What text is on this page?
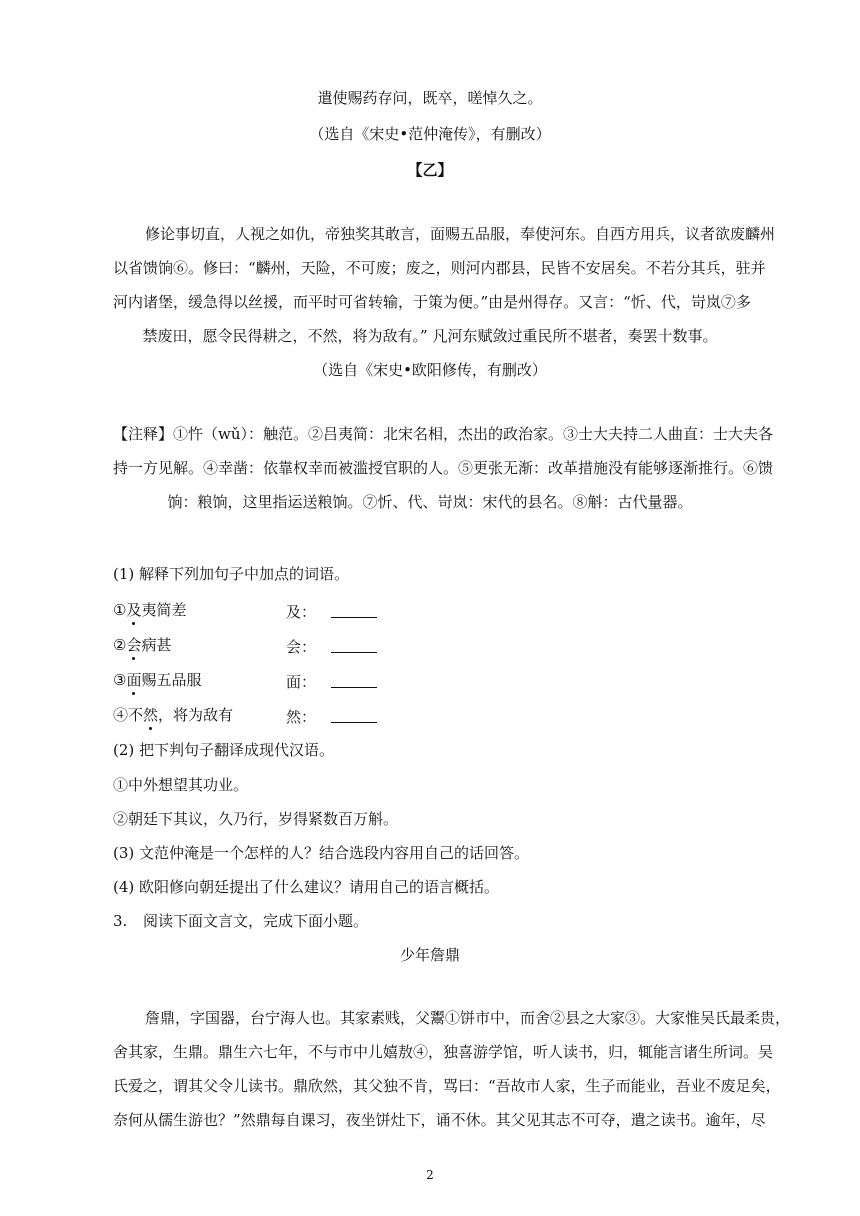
遣使赐药存问，既卒，嗟悼久之。
（选自《宋史•范仲淹传》，有删改）
【乙】
修论事切直，人视之如仇，帝独奖其敢言，面赐五品服，奉使河东。自西方用兵，议者欲废麟州
以省馈饷⑥。修曰：“麟州，天险，不可废；废之，则河内郡县，民皆不安居矣。不若分其兵，驻并
河内诸堡，缓急得以丝援，而平时可省转输，于策为便。”由是州得存。又言：“忻、代，岢岚⑦多
禁废田，愿令民得耕之，不然，将为敌有。” 凡河东赋敛过重民所不堪者，奏罢十数事。
（选自《宋史•欧阳修传，有删改）
【注释】①忤（wǔ）：触范。②吕夷简：北宋名相，杰出的政治家。③士大夫持二人曲直：士大夫各
持一方见解。④幸凿：依靠权幸而被滥授官职的人。⑤更张无渐：改革措施没有能够逐渐推行。⑥馈
饷：粮饷，这里指运送粮饷。⑦忻、代、岢岚：宋代的县名。⑧斛：古代量器。
(1) 解释下列加句子中加点的词语。
①及夷简差	及：
②会病甚	会：
③面赐五品服	面：
④不然，将为敌有	然：
(2) 把下判句子翻译成现代汉语。
①中外想望其功业。
②朝廷下其议，久乃行，岁得紧数百万斛。
(3) 文范仲淹是一个怎样的人？结合选段内容用自己的话回答。
(4) 欧阳修向朝廷提出了什么建议？请用自己的语言概括。
3. 阅读下面文言文，完成下面小题。
少年詹鼎
詹鼎，字国器，台宁海人也。其家素贱，父鬻①饼市中，而舍②县之大家③。大家惟吴氏最柔贵，
舍其家，生鼎。鼎生六七年，不与市中儿嬉敖④，独喜游学馆，听人读书，归，辄能言诸生所词。吴
氏爱之，谓其父令儿读书。鼎欣然，其父独不肯，骂曰：“吾故市人家，生子而能业，吾业不废足矣，
奈何从儒生游也？”然鼎每自课习，夜坐饼灶下，诵不休。其父见其志不可夺，遣之读书。逾年，尽
2
